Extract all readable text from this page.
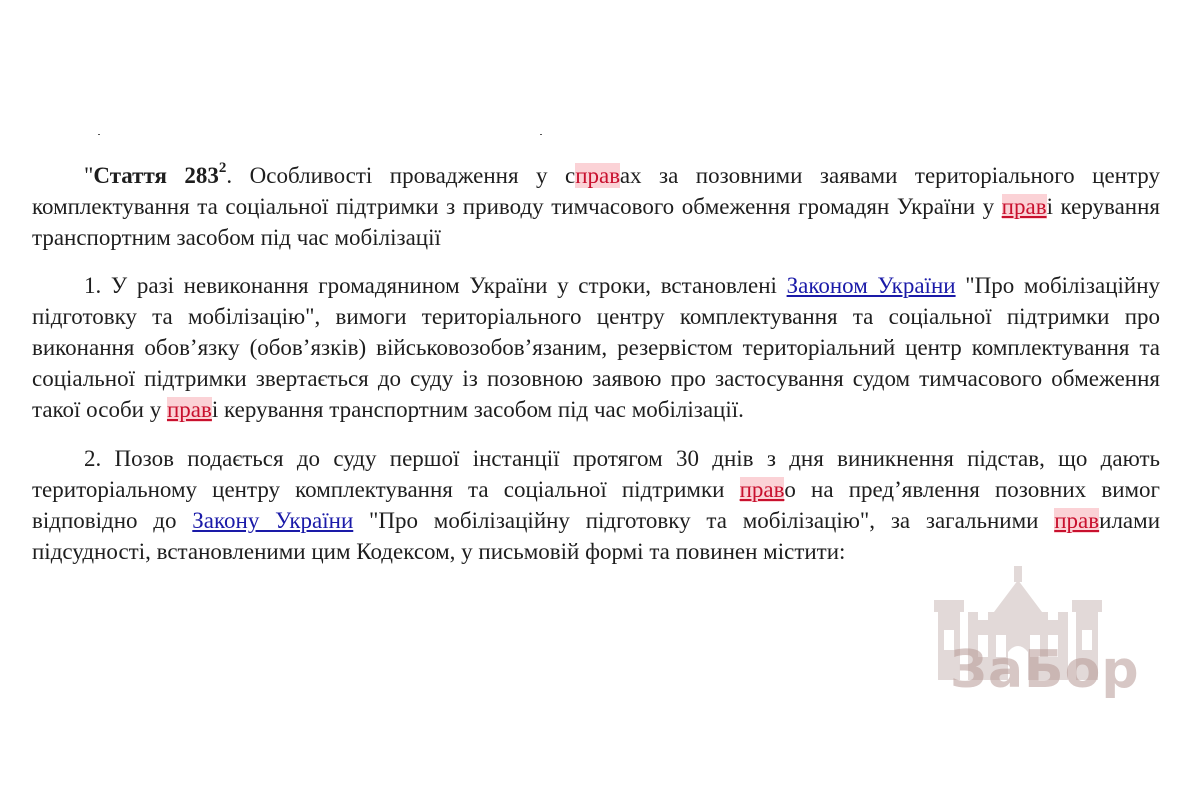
"Стаття $283^2$. Особливості провадження у справах за позовними заявами територіального центру комплектування та соціальної підтримки з приводу тимчасового обмеження громадян України у праві керування транспортним засобом під час мобілізації

1. У разі невиконання громадянином України у строки, встановлені Законом України "Про мобілізаційну підготовку та мобілізацію", вимоги територіального центру комплектування та соціальної підтримки про виконання обов’язку (обов’язків) військовозобов’язаним, резервістом територіальний центр комплектування та соціальної підтримки звертається до суду із позовною заявою про застосування судом тимчасового обмеження такої особи у праві керування транспортним засобом під час мобілізації.

2. Позов подається до суду першої інстанції протягом 30 днів з дня виникнення підстав, що дають територіальному центру комплектування та соціальної підтримки право на пред’явлення позовних вимог відповідно до Закону України "Про мобілізаційну підготовку та мобілізацію", за загальними правилами підсудності, встановленими цим Кодексом, у письмовій формі та повинен містити:

ЗаБор
